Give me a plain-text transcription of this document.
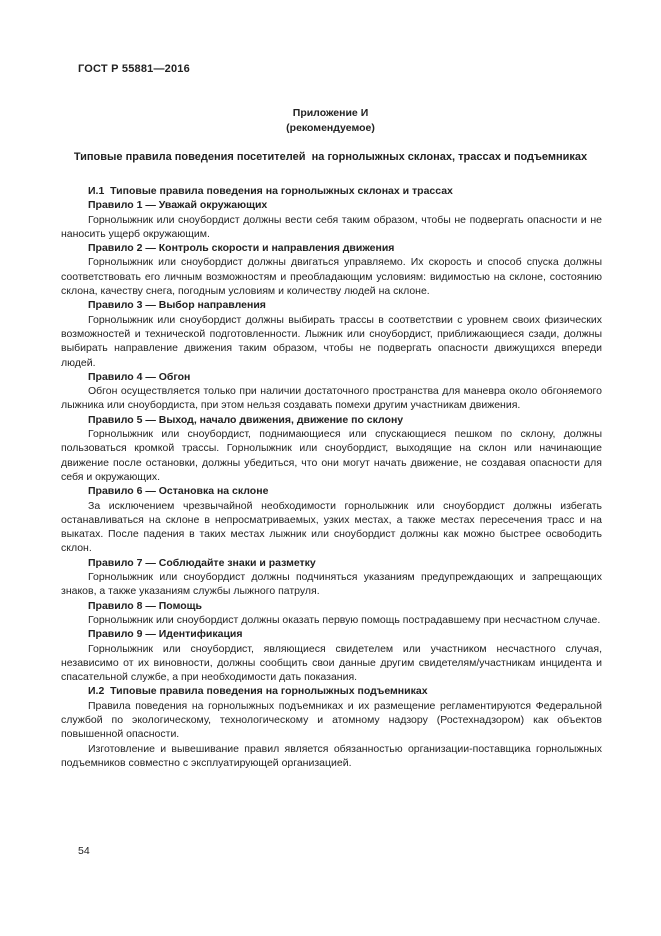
ГОСТ Р 55881—2016
Приложение И
(рекомендуемое)
Типовые правила поведения посетителей  на горнолыжных склонах, трассах и подъемниках

И.1  Типовые правила поведения на горнолыжных склонах и трассах

Правило 1 — Уважай окружающих

Горнолыжник или сноубордист должны вести себя таким образом, чтобы не подвергать опасности и не наносить ущерб окружающим.

Правило 2 — Контроль скорости и направления движения

Горнолыжник или сноубордист должны двигаться управляемо. Их скорость и способ спуска должны соответствовать его личным возможностям и преобладающим условиям: видимостью на склоне, состоянию склона, качеству снега, погодным условиям и количеству людей на склоне.

Правило 3 — Выбор направления

Горнолыжник или сноубордист должны выбирать трассы в соответствии с уровнем своих физических возможностей и технической подготовленности. Лыжник или сноубордист, приближающиеся сзади, должны выбирать направление движения таким образом, чтобы не подвергать опасности движущихся впереди людей.

Правило 4 — Обгон

Обгон осуществляется только при наличии достаточного пространства для маневра около обгоняемого лыжника или сноубордиста, при этом нельзя создавать помехи другим участникам движения.

Правило 5 — Выход, начало движения, движение по склону

Горнолыжник или сноубордист, поднимающиеся или спускающиеся пешком по склону, должны пользоваться кромкой трассы. Горнолыжник или сноубордист, выходящие на склон или начинающие движение после остановки, должны убедиться, что они могут начать движение, не создавая опасности для себя и окружающих.

Правило 6 — Остановка на склоне

За исключением чрезвычайной необходимости горнолыжник или сноубордист должны избегать останавливаться на склоне в непросматриваемых, узких местах, а также местах пересечения трасс и на выкатах. После падения в таких местах лыжник или сноубордист должны как можно быстрее освободить склон.

Правило 7 — Соблюдайте знаки и разметку

Горнолыжник или сноубордист должны подчиняться указаниям предупреждающих и запрещающих знаков, а также указаниям службы лыжного патруля.

Правило 8 — Помощь

Горнолыжник или сноубордист должны оказать первую помощь пострадавшему при несчастном случае.

Правило 9 — Идентификация

Горнолыжник или сноубордист, являющиеся свидетелем или участником несчастного случая, независимо от их виновности, должны сообщить свои данные другим свидетелям/участникам инцидента и спасательной службе, а при необходимости дать показания.

И.2  Типовые правила поведения на горнолыжных подъемниках

Правила поведения на горнолыжных подъемниках и их размещение регламентируются Федеральной службой по экологическому, технологическому и атомному надзору (Ростехнадзором) как объектов повышенной опасности.

Изготовление и вывешивание правил является обязанностью организации-поставщика горнолыжных подъемников совместно с эксплуатирующей организацией.

54
